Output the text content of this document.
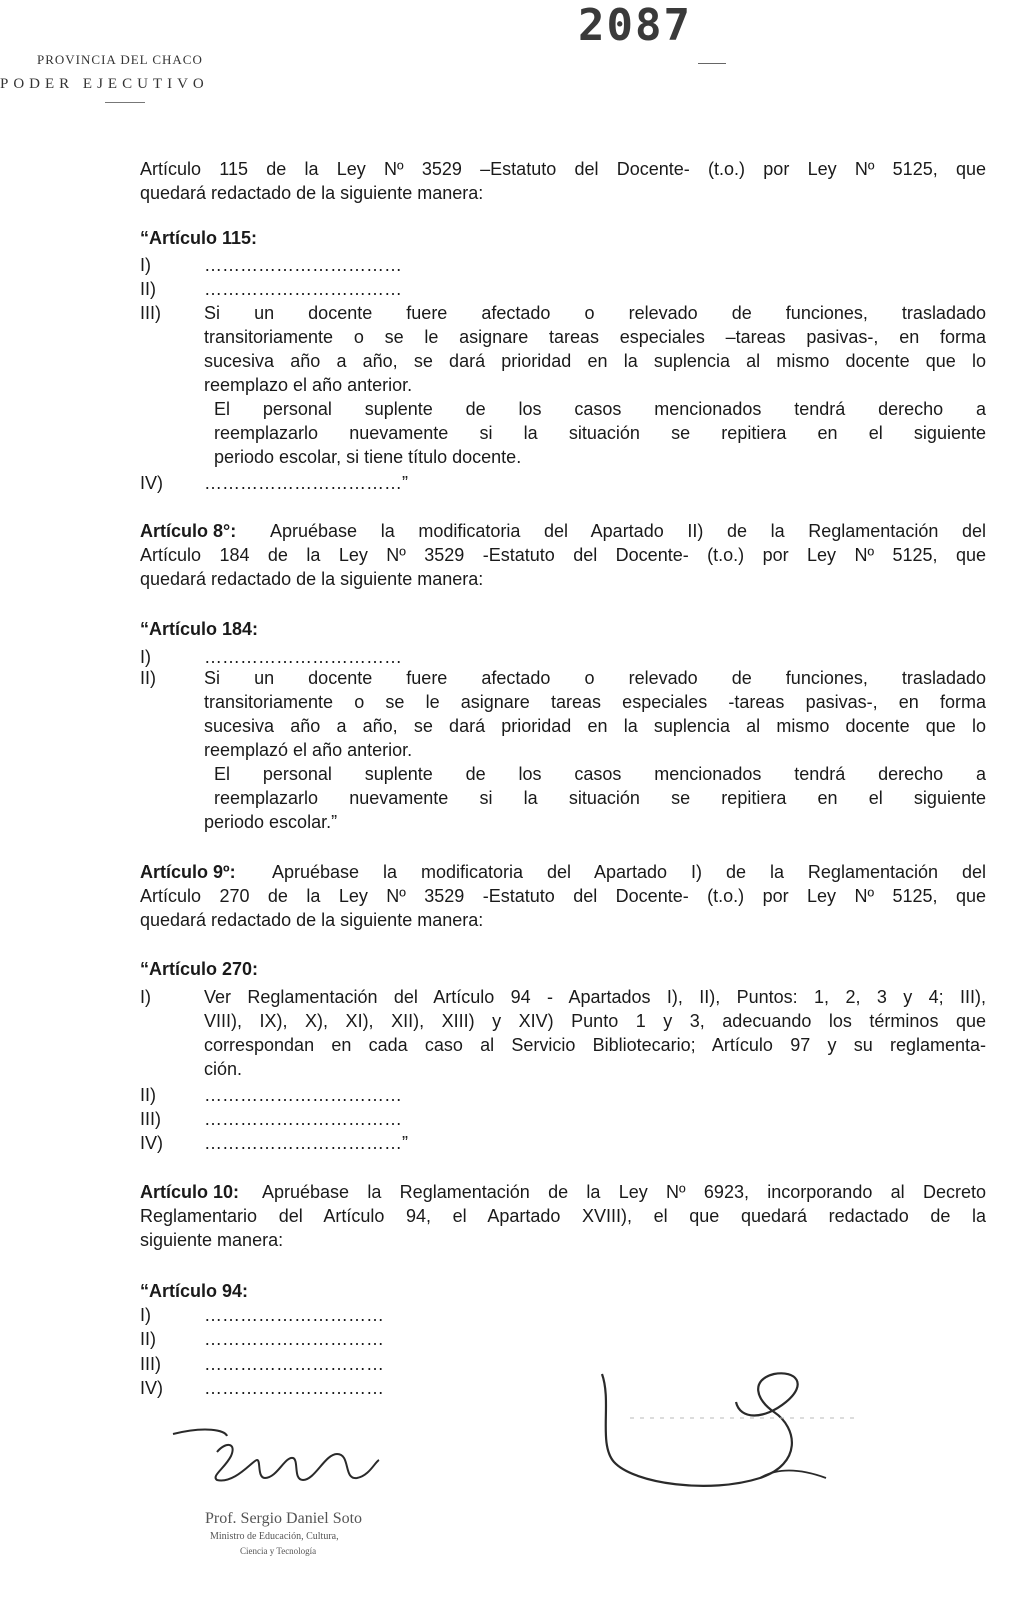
PROVINCIA DEL CHACO
PODER EJECUTIVO
2087
Artículo 115 de la Ley Nº 3529 –Estatuto del Docente- (t.o.) por Ley Nº 5125, que
quedará redactado de la siguiente manera:
“Artículo 115:
I)	……………………………
II)	……………………………
III) Si un docente fuere afectado o relevado de funciones, trasladado
transitoriamente o se le asignare tareas especiales –tareas pasivas-, en forma
sucesiva año a año, se dará prioridad en la suplencia al mismo docente que lo
reemplazo el año anterior.
El personal suplente de los casos mencionados tendrá derecho a
reemplazarlo nuevamente si la situación se repitiera en el siguiente
periodo escolar, si tiene título docente.
IV) ……………………………”
Artículo 8°: Apruébase la modificatoria del Apartado II) de la Reglamentación del
Artículo 184 de la Ley Nº 3529 -Estatuto del Docente- (t.o.) por Ley Nº 5125, que
quedará redactado de la siguiente manera:
“Artículo 184:
I)	……………………………
II)	Si un docente fuere afectado o relevado de funciones, trasladado
transitoriamente o se le asignare tareas especiales -tareas pasivas-, en forma
sucesiva año a año, se dará prioridad en la suplencia al mismo docente que lo
reemplazó el año anterior.
El personal suplente de los casos mencionados tendrá derecho a
reemplazarlo nuevamente si la situación se repitiera en el siguiente
periodo escolar.”
Artículo 9º: Apruébase la modificatoria del Apartado I) de la Reglamentación del
Artículo 270 de la Ley Nº 3529 -Estatuto del Docente- (t.o.) por Ley Nº 5125, que
quedará redactado de la siguiente manera:
“Artículo 270:
I)	Ver Reglamentación del Artículo 94 - Apartados I), II), Puntos: 1, 2, 3 y 4; III),
VIII), IX), X), XI), XII), XIII) y XIV) Punto 1 y 3, adecuando los términos que
correspondan en cada caso al Servicio Bibliotecario; Artículo 97 y su reglamenta-
ción.
II)	……………………………
III) ……………………………
IV) ……………………………”
Artículo 10: Apruébase la Reglamentación de la Ley Nº 6923, incorporando al Decreto
Reglamentario del Artículo 94, el Apartado XVIII), el que quedará redactado de la
siguiente manera:
“Artículo 94:
I)	…………………………
II)	…………………………
III) …………………………
IV) …………………………
Prof. Sergio Daniel Soto
Ministro de Educación, Cultura,
Ciencia y Tecnología
